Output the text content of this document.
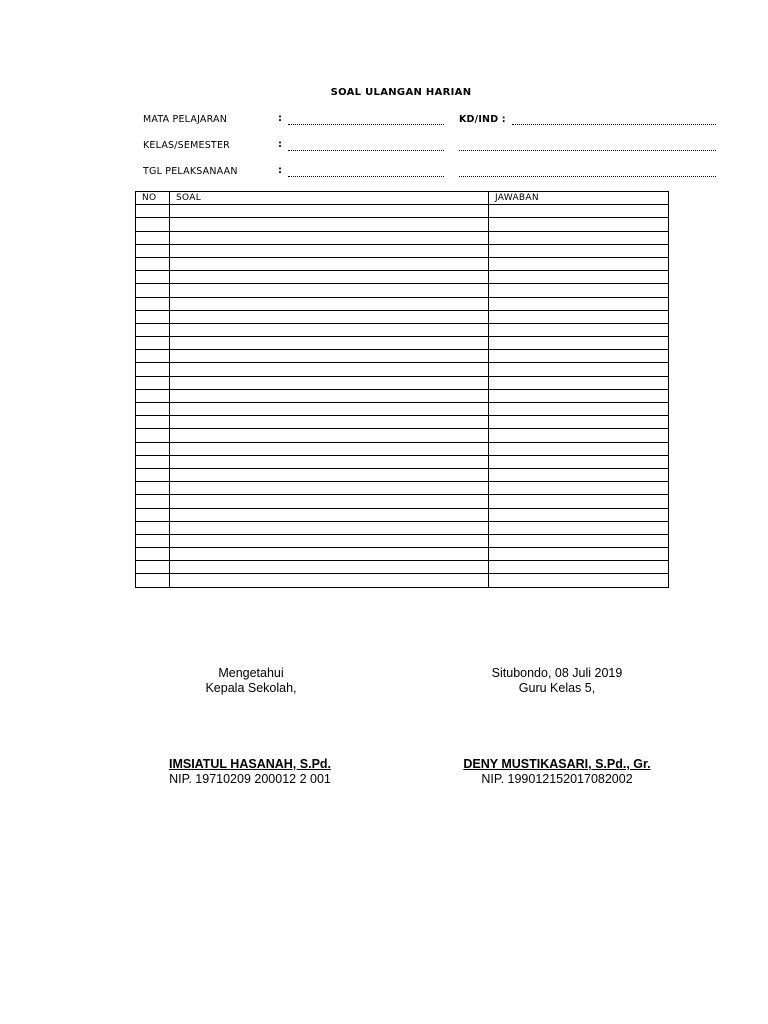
SOAL ULANGAN HARIAN
MATA PELAJARAN	:	KD/IND :
KELAS/SEMESTER	:
TGL PELAKSANAAN	:
NO	SOAL	JAWABAN

Mengetahui
Kepala Sekolah,
Situbondo, 08 Juli 2019
Guru Kelas 5,
IMSIATUL HASANAH, S.Pd.
NIP. 19710209 200012 2 001
DENY MUSTIKASARI, S.Pd., Gr.
NIP. 199012152017082002
